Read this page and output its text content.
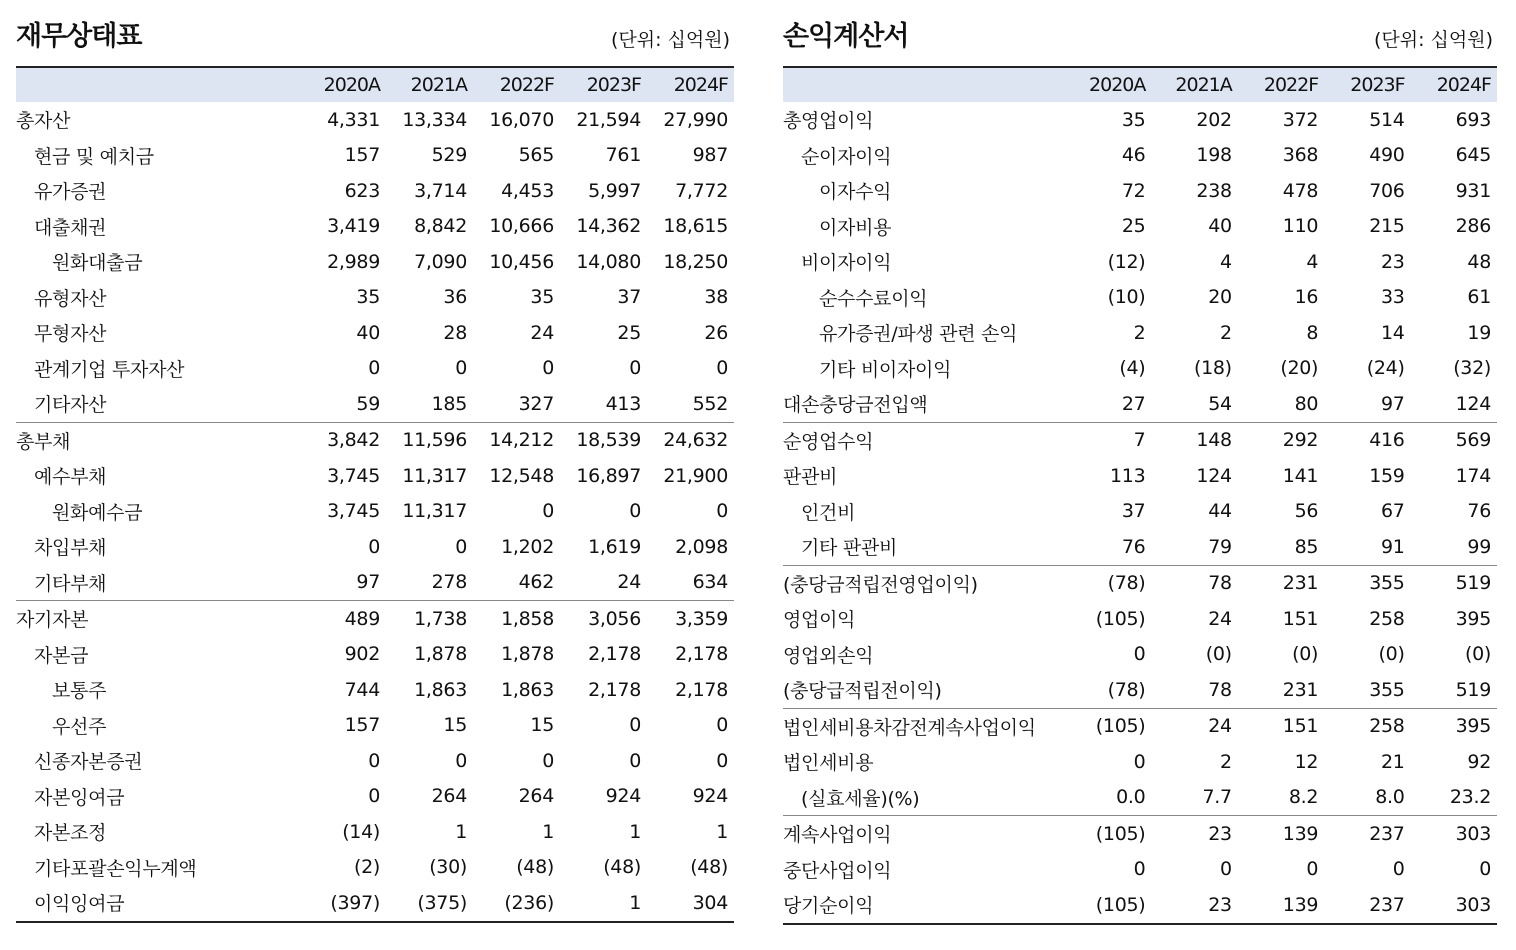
재무상태표	(단위: 십억원)
	2020A	2021A	2022F	2023F	2024F
총자산	4,331	13,334	16,070	21,594	27,990
현금 및 예치금	157	529	565	761	987
유가증권	623	3,714	4,453	5,997	7,772
대출채권	3,419	8,842	10,666	14,362	18,615
원화대출금	2,989	7,090	10,456	14,080	18,250
유형자산	35	36	35	37	38
무형자산	40	28	24	25	26
관계기업 투자자산	0	0	0	0	0
기타자산	59	185	327	413	552
총부채	3,842	11,596	14,212	18,539	24,632
예수부채	3,745	11,317	12,548	16,897	21,900
원화예수금	3,745	11,317	0	0	0
차입부채	0	0	1,202	1,619	2,098
기타부채	97	278	462	24	634
자기자본	489	1,738	1,858	3,056	3,359
자본금	902	1,878	1,878	2,178	2,178
보통주	744	1,863	1,863	2,178	2,178
우선주	157	15	15	0	0
신종자본증권	0	0	0	0	0
자본잉여금	0	264	264	924	924
자본조정	(14)	1	1	1	1
기타포괄손익누계액	(2)	(30)	(48)	(48)	(48)
이익잉여금	(397)	(375)	(236)	1	304
손익계산서	(단위: 십억원)
	2020A	2021A	2022F	2023F	2024F
총영업이익	35	202	372	514	693
순이자이익	46	198	368	490	645
이자수익	72	238	478	706	931
이자비용	25	40	110	215	286
비이자이익	(12)	4	4	23	48
순수수료이익	(10)	20	16	33	61
유가증권/파생 관련 손익	2	2	8	14	19
기타 비이자이익	(4)	(18)	(20)	(24)	(32)
대손충당금전입액	27	54	80	97	124
순영업수익	7	148	292	416	569
판관비	113	124	141	159	174
인건비	37	44	56	67	76
기타 판관비	76	79	85	91	99
(충당금적립전영업이익)	(78)	78	231	355	519
영업이익	(105)	24	151	258	395
영업외손익	0	(0)	(0)	(0)	(0)
(충당급적립전이익)	(78)	78	231	355	519
법인세비용차감전계속사업이익	(105)	24	151	258	395
법인세비용	0	2	12	21	92
(실효세율)(%)	0.0	7.7	8.2	8.0	23.2
계속사업이익	(105)	23	139	237	303
중단사업이익	0	0	0	0	0
당기순이익	(105)	23	139	237	303
